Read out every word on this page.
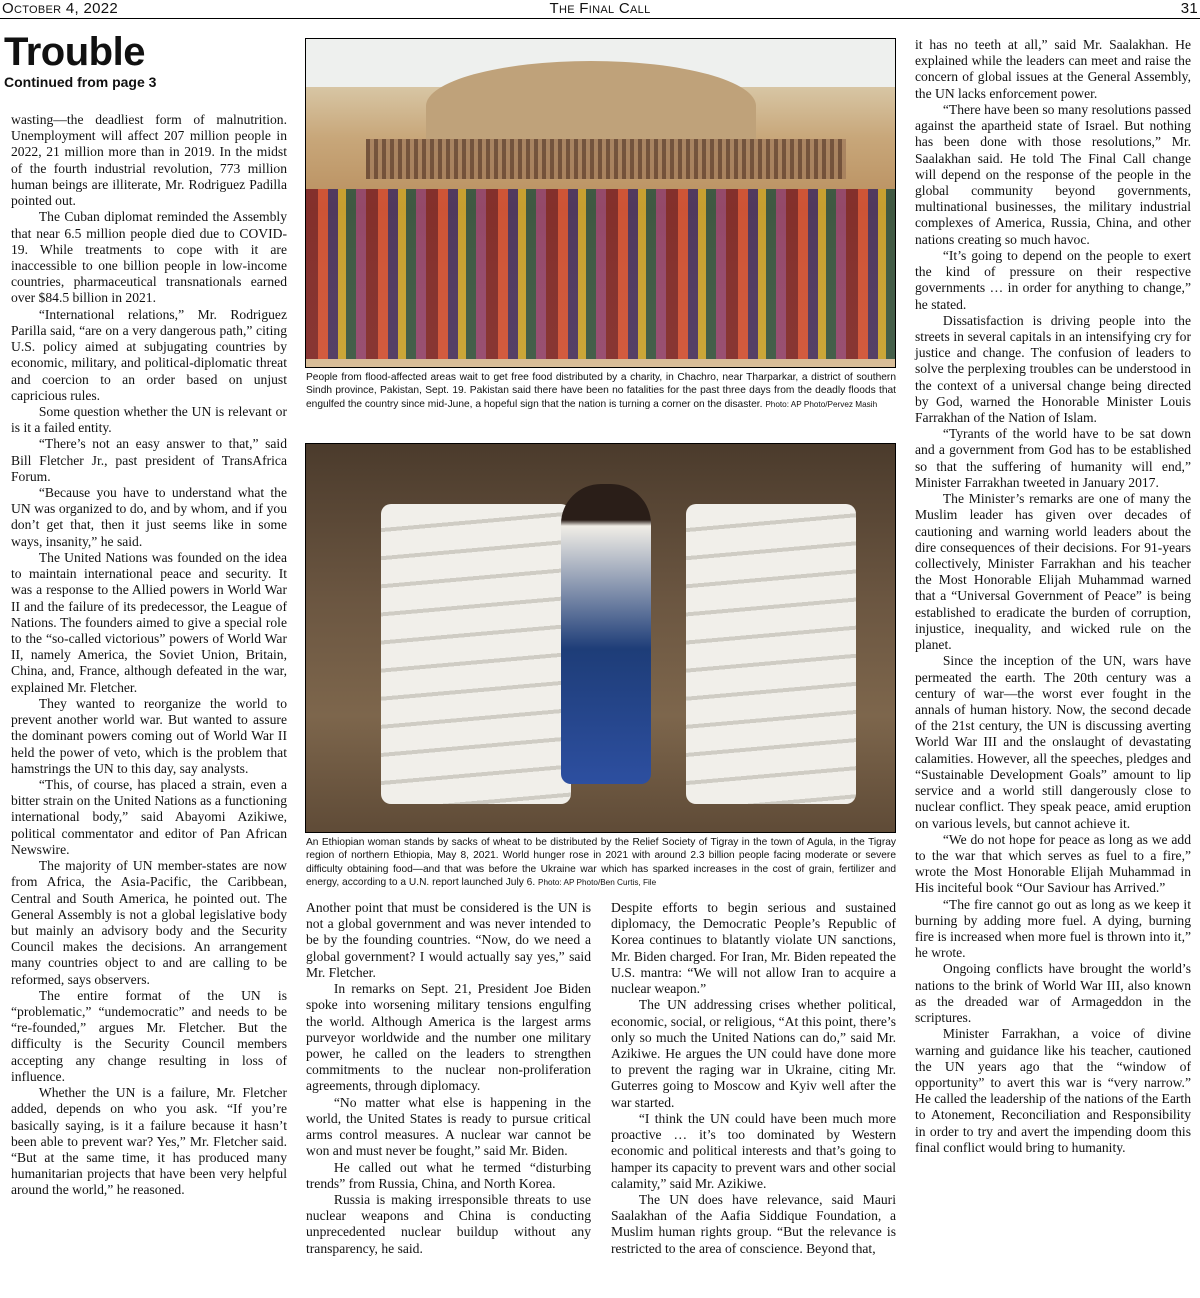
October 4, 2022	The Final Call	31
Trouble
Continued from page 3

wasting—the deadliest form of malnutrition. Unemployment will affect 207 million people in 2022, 21 million more than in 2019. In the midst of the fourth industrial revolution, 773 million human beings are illiterate, Mr. Rodriguez Padilla pointed out.

The Cuban diplomat reminded the Assembly that near 6.5 million people died due to COVID-19. While treatments to cope with it are inaccessible to one billion people in low-income countries, pharmaceutical transnationals earned over $84.5 billion in 2021.

“International relations,” Mr. Rodriguez Parilla said, “are on a very dangerous path,” citing U.S. policy aimed at subjugating countries by economic, military, and political-diplomatic threat and coercion to an order based on unjust capricious rules.

Some question whether the UN is relevant or is it a failed entity.

“There’s not an easy answer to that,” said Bill Fletcher Jr., past president of TransAfrica Forum.

“Because you have to understand what the UN was organized to do, and by whom, and if you don’t get that, then it just seems like in some ways, insanity,” he said.

The United Nations was founded on the idea to maintain international peace and security. It was a response to the Allied powers in World War II and the failure of its predecessor, the League of Nations. The founders aimed to give a special role to the “so-called victorious” powers of World War II, namely America, the Soviet Union, Britain, China, and, France, although defeated in the war, explained Mr. Fletcher.

They wanted to reorganize the world to prevent another world war. But wanted to assure the dominant powers coming out of World War II held the power of veto, which is the problem that hamstrings the UN to this day, say analysts.

“This, of course, has placed a strain, even a bitter strain on the United Nations as a functioning international body,” said Abayomi Azikiwe, political commentator and editor of Pan African Newswire.

The majority of UN member-states are now from Africa, the Asia-Pacific, the Caribbean, Central and South America, he pointed out. The General Assembly is not a global legislative body but mainly an advisory body and the Security Council makes the decisions. An arrangement many countries object to and are calling to be reformed, says observers.

The entire format of the UN is “problematic,” “undemocratic” and needs to be “re-founded,” argues Mr. Fletcher. But the difficulty is the Security Council members accepting any change resulting in loss of influence.

Whether the UN is a failure, Mr. Fletcher added, depends on who you ask. “If you’re basically saying, is it a failure because it hasn’t been able to prevent war? Yes,” Mr. Fletcher said. “But at the same time, it has produced many humanitarian projects that have been very helpful around the world,” he reasoned.

People from flood-affected areas wait to get free food distributed by a charity, in Chachro, near Tharparkar, a district of southern Sindh province, Pakistan, Sept. 19. Pakistan said there have been no fatalities for the past three days from the deadly floods that engulfed the country since mid-June, a hopeful sign that the nation is turning a corner on the disaster. Photo: AP Photo/Pervez Masih
An Ethiopian woman stands by sacks of wheat to be distributed by the Relief Society of Tigray in the town of Agula, in the Tigray region of northern Ethiopia, May 8, 2021. World hunger rose in 2021 with around 2.3 billion people facing moderate or severe difficulty obtaining food—and that was before the Ukraine war which has sparked increases in the cost of grain, fertilizer and energy, according to a U.N. report launched July 6. Photo: AP Photo/Ben Curtis, File

Another point that must be considered is the UN is not a global government and was never intended to be by the founding countries. “Now, do we need a global government? I would actually say yes,” said Mr. Fletcher.

In remarks on Sept. 21, President Joe Biden spoke into worsening military tensions engulfing the world. Although America is the largest arms purveyor worldwide and the number one military power, he called on the leaders to strengthen commitments to the nuclear non-proliferation agreements, through diplomacy.

“No matter what else is happening in the world, the United States is ready to pursue critical arms control measures. A nuclear war cannot be won and must never be fought,” said Mr. Biden.

He called out what he termed “disturbing trends” from Russia, China, and North Korea.

Russia is making irresponsible threats to use nuclear weapons and China is conducting unprecedented nuclear buildup without any transparency, he said.

Despite efforts to begin serious and sustained diplomacy, the Democratic People’s Republic of Korea continues to blatantly violate UN sanctions, Mr. Biden charged. For Iran, Mr. Biden repeated the U.S. mantra: “We will not allow Iran to acquire a nuclear weapon.”

The UN addressing crises whether political, economic, social, or religious, “At this point, there’s only so much the United Nations can do,” said Mr. Azikiwe. He argues the UN could have done more to prevent the raging war in Ukraine, citing Mr. Guterres going to Moscow and Kyiv well after the war started.

“I think the UN could have been much more proactive … it’s too dominated by Western economic and political interests and that’s going to hamper its capacity to prevent wars and other social calamity,” said Mr. Azikiwe.

The UN does have relevance, said Mauri Saalakhan of the Aafia Siddique Foundation, a Muslim human rights group. “But the relevance is restricted to the area of conscience. Beyond that,

it has no teeth at all,” said Mr. Saalakhan. He explained while the leaders can meet and raise the concern of global issues at the General Assembly, the UN lacks enforcement power.

“There have been so many resolutions passed against the apartheid state of Israel. But nothing has been done with those resolutions,” Mr. Saalakhan said. He told The Final Call change will depend on the response of the people in the global community beyond governments, multinational businesses, the military industrial complexes of America, Russia, China, and other nations creating so much havoc.

“It’s going to depend on the people to exert the kind of pressure on their respective governments … in order for anything to change,” he stated.

Dissatisfaction is driving people into the streets in several capitals in an intensifying cry for justice and change. The confusion of leaders to solve the perplexing troubles can be understood in the context of a universal change being directed by God, warned the Honorable Minister Louis Farrakhan of the Nation of Islam.

“Tyrants of the world have to be sat down and a government from God has to be established so that the suffering of humanity will end,” Minister Farrakhan tweeted in January 2017.

The Minister’s remarks are one of many the Muslim leader has given over decades of cautioning and warning world leaders about the dire consequences of their decisions. For 91-years collectively, Minister Farrakhan and his teacher the Most Honorable Elijah Muhammad warned that a “Universal Government of Peace” is being established to eradicate the burden of corruption, injustice, inequality, and wicked rule on the planet.

Since the inception of the UN, wars have permeated the earth. The 20th century was a century of war—the worst ever fought in the annals of human history. Now, the second decade of the 21st century, the UN is discussing averting World War III and the onslaught of devastating calamities. However, all the speeches, pledges and “Sustainable Development Goals” amount to lip service and a world still dangerously close to nuclear conflict. They speak peace, amid eruption on various levels, but cannot achieve it.

“We do not hope for peace as long as we add to the war that which serves as fuel to a fire,” wrote the Most Honorable Elijah Muhammad in His inciteful book “Our Saviour has Arrived.”

“The fire cannot go out as long as we keep it burning by adding more fuel. A dying, burning fire is increased when more fuel is thrown into it,” he wrote.

Ongoing conflicts have brought the world’s nations to the brink of World War III, also known as the dreaded war of Armageddon in the scriptures.

Minister Farrakhan, a voice of divine warning and guidance like his teacher, cautioned the UN years ago that the “window of opportunity” to avert this war is “very narrow.” He called the leadership of the nations of the Earth to Atonement, Reconciliation and Responsibility in order to try and avert the impending doom this final conflict would bring to humanity.
